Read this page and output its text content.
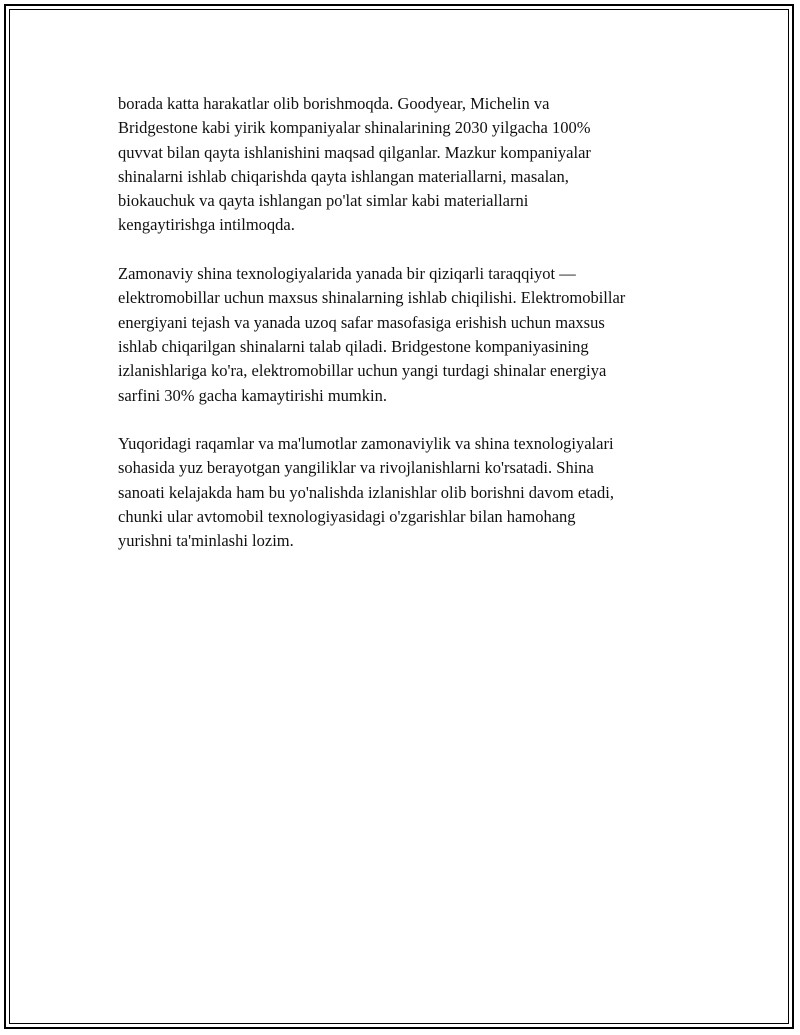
borada katta harakatlar olib borishmoqda. Goodyear, Michelin va
Bridgestone kabi yirik kompaniyalar shinalarining 2030 yilgacha 100%
quvvat bilan qayta ishlanishini maqsad qilganlar. Mazkur kompaniyalar
shinalarni ishlab chiqarishda qayta ishlangan materiallarni, masalan,
biokauchuk va qayta ishlangan po'lat simlar kabi materiallarni
kengaytirishga intilmoqda.

Zamonaviy shina texnologiyalarida yanada bir qiziqarli taraqqiyot —
elektromobillar uchun maxsus shinalarning ishlab chiqilishi. Elektromobillar
energiyani tejash va yanada uzoq safar masofasiga erishish uchun maxsus
ishlab chiqarilgan shinalarni talab qiladi. Bridgestone kompaniyasining
izlanishlariga ko'ra, elektromobillar uchun yangi turdagi shinalar energiya
sarfini 30% gacha kamaytirishi mumkin.

Yuqoridagi raqamlar va ma'lumotlar zamonaviylik va shina texnologiyalari
sohasida yuz berayotgan yangiliklar va rivojlanishlarni ko'rsatadi. Shina
sanoati kelajakda ham bu yo'nalishda izlanishlar olib borishni davom etadi,
chunki ular avtomobil texnologiyasidagi o'zgarishlar bilan hamohang
yurishni ta'minlashi lozim.
